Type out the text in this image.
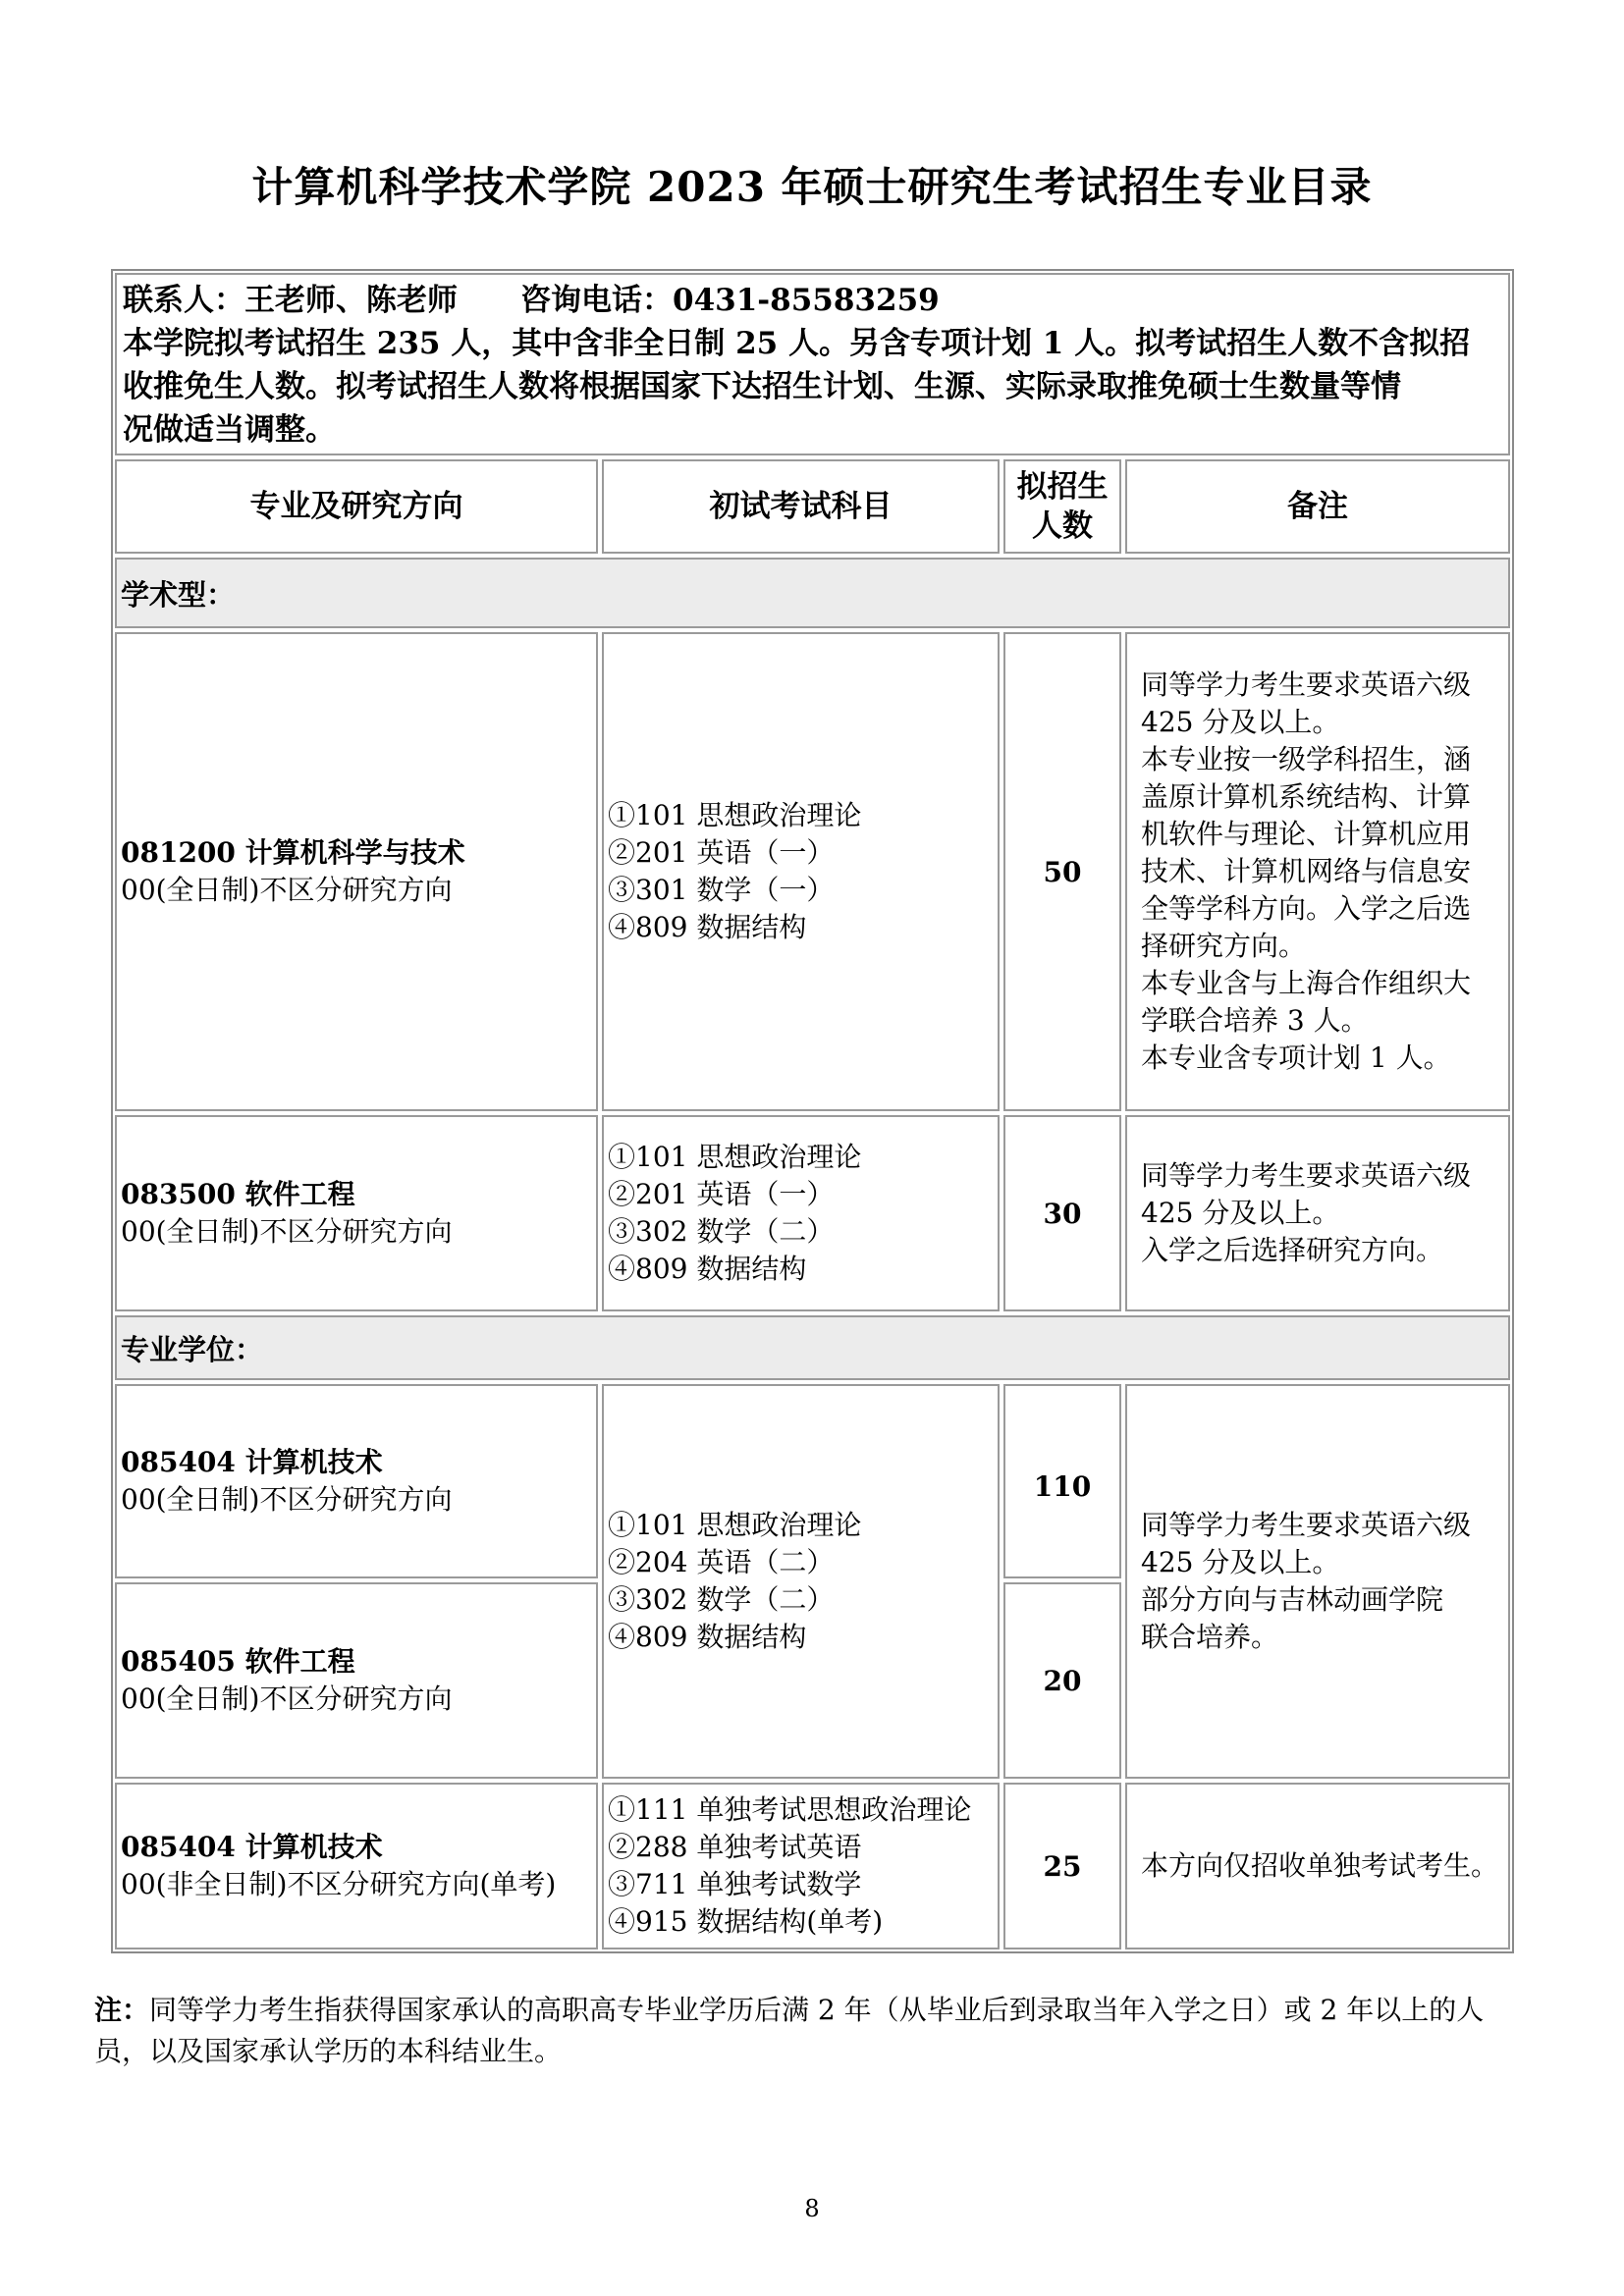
计算机科学技术学院 2023 年硕士研究生考试招生专业目录
联系人：王老师、陈老师 咨询电话：0431-85583259
本学院拟考试招生 235 人，其中含非全日制 25 人。另含专项计划 1 人。拟考试招生人数不含拟招
收推免生人数。拟考试招生人数将根据国家下达招生计划、生源、实际录取推免硕士生数量等情
况做适当调整。
专业及研究方向	初试考试科目
拟招生
人数
备注
学术型：
081200 计算机科学与技术
00(全日制)不区分研究方向
①101 思想政治理论
②201 英语（一）
③301 数学（一）
④809 数据结构
50
同等学力考生要求英语六级
425 分及以上。
本专业按一级学科招生，涵
盖原计算机系统结构、计算
机软件与理论、计算机应用
技术、计算机网络与信息安
全等学科方向。入学之后选
择研究方向。
本专业含与上海合作组织大
学联合培养 3 人。
本专业含专项计划 1 人。
083500 软件工程
00(全日制)不区分研究方向
①101 思想政治理论
②201 英语（一）
③302 数学（二）
④809 数据结构
30
同等学力考生要求英语六级
425 分及以上。
入学之后选择研究方向。
专业学位：
085404 计算机技术
00(全日制)不区分研究方向
085405 软件工程
00(全日制)不区分研究方向
①101 思想政治理论
②204 英语（二）
③302 数学（二）
④809 数据结构
110
20
同等学力考生要求英语六级
425 分及以上。
部分方向与吉林动画学院
联合培养。
085404 计算机技术
00(非全日制)不区分研究方向(单考)
①111 单独考试思想政治理论
②288 单独考试英语
③711 单独考试数学
④915 数据结构(单考)
25 本方向仅招收单独考试考生。
注：同等学力考生指获得国家承认的高职高专毕业学历后满 2 年（从毕业后到录取当年入学之日）或 2 年以上的人员，以及国家承认学历的本科结业生。
8
